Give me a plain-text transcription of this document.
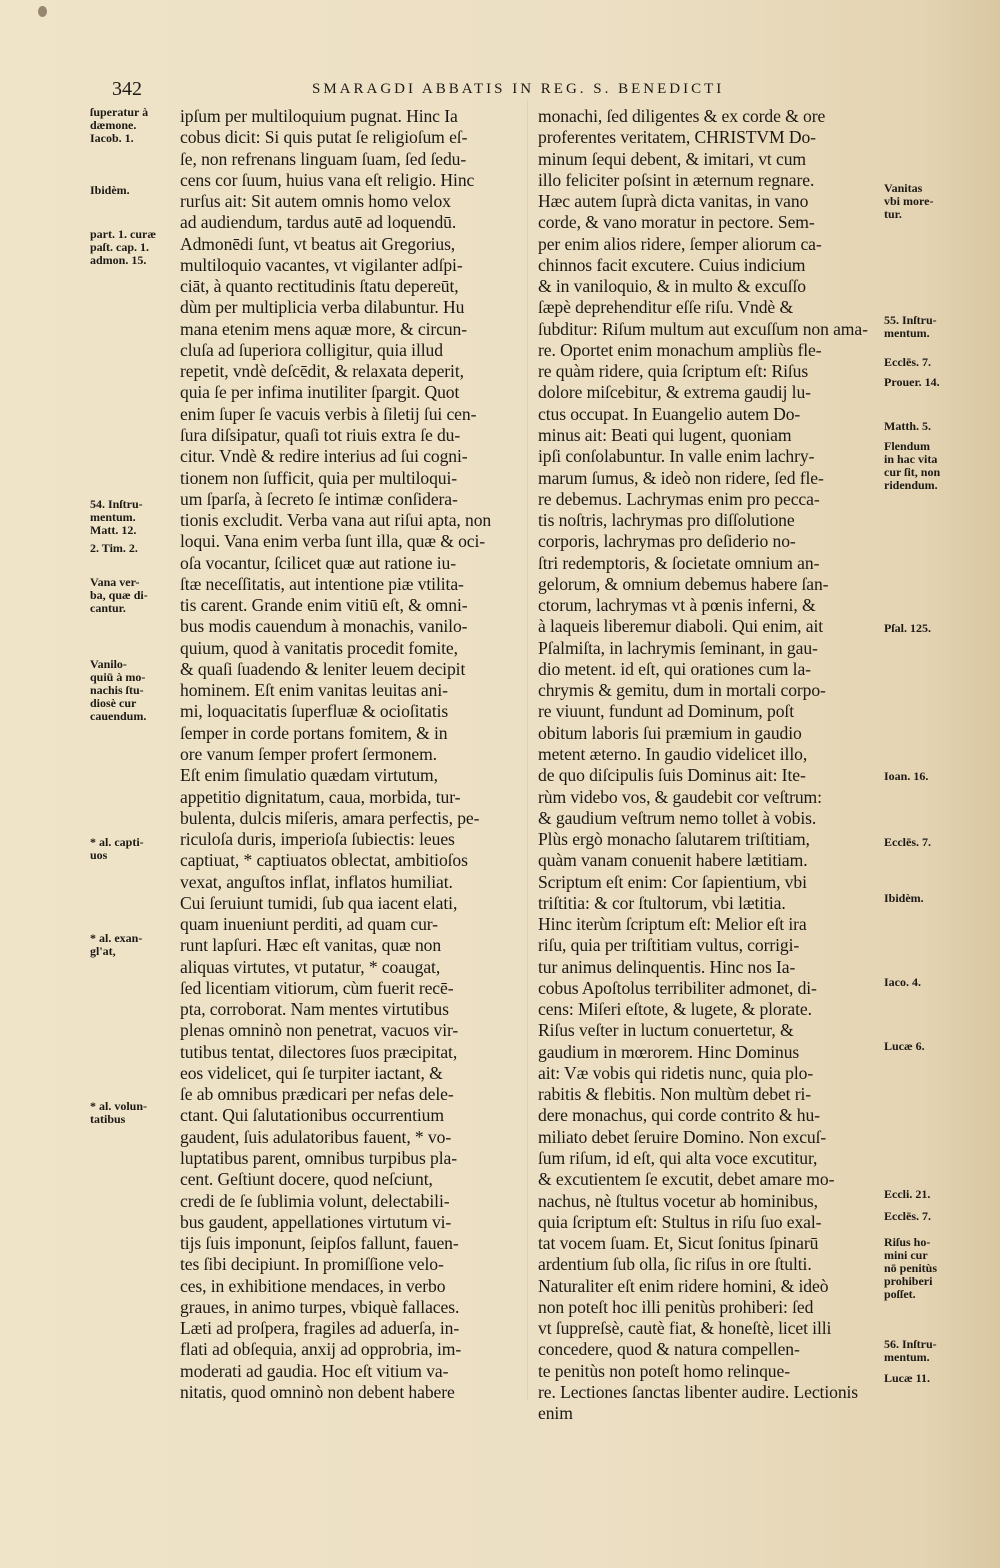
342	SMARAGDI ABBATIS IN REG. S. BENEDICTI
ſuperatur à
dæmone.
Iacob. 1.
Ibidèm.
part. 1. curæ
paſt. cap. 1.
admon. 15.
54. Inſtru-
mentum.
Matt. 12.
2. Tim. 2.
Vana ver-
ba, quæ di-
cantur.
Vanilo-
quiū à mo-
nachis ſtu-
diosè cur
cauendum.
* al. capti-
uos
* al. exan-
gl'at,
* al. volun-
tatibus
ipſum per multiloquium pugnat. Hinc Ia
cobus dicit: Si quis putat ſe religioſum eſ-
ſe, non refrenans linguam ſuam, ſed ſedu-
cens cor ſuum, huius vana eſt religio. Hinc
rurſus ait: Sit autem omnis homo velox
ad audiendum, tardus autē ad loquendū.
Admonēdi ſunt, vt beatus ait Gregorius,
multiloquio vacantes, vt vigilanter adſpi-
ciāt, à quanto rectitudinis ſtatu depereūt,
dùm per multiplicia verba dilabuntur. Hu
mana etenim mens aquæ more, & circun-
cluſa ad ſuperiora colligitur, quia illud
repetit, vndè deſcēdit, & relaxata deperit,
quia ſe per infima inutiliter ſpargit. Quot
enim ſuper ſe vacuis verbis à ſiletij ſui cen-
ſura diſsipatur, quaſi tot riuis extra ſe du-
citur. Vndè & redire interius ad ſui cogni-
tionem non ſufficit, quia per multiloqui-
um ſparſa, à ſecreto ſe intimæ conſidera-
tionis excludit. Verba vana aut riſui apta, non
loqui. Vana enim verba ſunt illa, quæ & oci-
oſa vocantur, ſcilicet quæ aut ratione iu-
ſtæ neceſſitatis, aut intentione piæ vtilita-
tis carent. Grande enim vitiū eſt, & omni-
bus modis cauendum à monachis, vanilo-
quium, quod à vanitatis procedit fomite,
& quaſi ſuadendo & leniter leuem decipit
hominem. Eſt enim vanitas leuitas ani-
mi, loquacitatis ſuperfluæ & ocioſitatis
ſemper in corde portans fomitem, & in
ore vanum ſemper profert ſermonem.
Eſt enim ſimulatio quædam virtutum,
appetitio dignitatum, caua, morbida, tur-
bulenta, dulcis miſeris, amara perfectis, pe-
riculoſa duris, imperioſa ſubiectis: leues
captiuat, * captiuatos oblectat, ambitioſos
vexat, anguſtos inflat, inflatos humiliat.
Cui ſeruiunt tumidi, ſub qua iacent elati,
quam inueniunt perditi, ad quam cur-
runt lapſuri. Hæc eſt vanitas, quæ non
aliquas virtutes, vt putatur, * coaugat,
ſed licentiam vitiorum, cùm fuerit recē-
pta, corroborat. Nam mentes virtutibus
plenas omninò non penetrat, vacuos vir-
tutibus tentat, dilectores ſuos præcipitat,
eos videlicet, qui ſe turpiter iactant, &
ſe ab omnibus prædicari per nefas dele-
ctant. Qui ſalutationibus occurrentium
gaudent, ſuis adulatoribus fauent, * vo-
luptatibus parent, omnibus turpibus pla-
cent. Geſtiunt docere, quod neſciunt,
credi de ſe ſublimia volunt, delectabili-
bus gaudent, appellationes virtutum vi-
tijs ſuis imponunt, ſeipſos fallunt, fauen-
tes ſibi decipiunt. In promiſſione velo-
ces, in exhibitione mendaces, in verbo
graues, in animo turpes, vbiquè fallaces.
Læti ad proſpera, fragiles ad aduerſa, in-
flati ad obſequia, anxij ad opprobria, im-
moderati ad gaudia. Hoc eſt vitium va-
nitatis, quod omninò non debent habere
monachi, ſed diligentes & ex corde & ore
proferentes veritatem, CHRISTVM Do-
minum ſequi debent, & imitari, vt cum
illo feliciter poſsint in æternum regnare.
Hæc autem ſuprà dicta vanitas, in vano
corde, & vano moratur in pectore. Sem-
per enim alios ridere, ſemper aliorum ca-
chinnos facit excutere. Cuius indicium
& in vaniloquio, & in multo & excuſſo
ſæpè deprehenditur eſſe riſu. Vndè &
ſubditur: Riſum multum aut excuſſum non ama-
re. Oportet enim monachum ampliùs fle-
re quàm ridere, quia ſcriptum eſt: Riſus
dolore miſcebitur, & extrema gaudij lu-
ctus occupat. In Euangelio autem Do-
minus ait: Beati qui lugent, quoniam
ipſi conſolabuntur. In valle enim lachry-
marum ſumus, & ideò non ridere, ſed fle-
re debemus. Lachrymas enim pro pecca-
tis noſtris, lachrymas pro diſſolutione
corporis, lachrymas pro deſiderio no-
ſtri redemptoris, & ſocietate omnium an-
gelorum, & omnium debemus habere ſan-
ctorum, lachrymas vt à pœnis inferni, &
à laqueis liberemur diaboli. Qui enim, ait
Pſalmiſta, in lachrymis ſeminant, in gau-
dio metent. id eſt, qui orationes cum la-
chrymis & gemitu, dum in mortali corpo-
re viuunt, fundunt ad Dominum, poſt
obitum laboris ſui præmium in gaudio
metent æterno. In gaudio videlicet illo,
de quo diſcipulis ſuis Dominus ait: Ite-
rùm videbo vos, & gaudebit cor veſtrum:
& gaudium veſtrum nemo tollet à vobis.
Plùs ergò monacho ſalutarem triſtitiam,
quàm vanam conuenit habere lætitiam.
Scriptum eſt enim: Cor ſapientium, vbi
triſtitia: & cor ſtultorum, vbi lætitia.
Hinc iterùm ſcriptum eſt: Melior eſt ira
riſu, quia per triſtitiam vultus, corrigi-
tur animus delinquentis. Hinc nos Ia-
cobus Apoſtolus terribiliter admonet, di-
cens: Miſeri eſtote, & lugete, & plorate.
Riſus veſter in luctum conuertetur, &
gaudium in mœrorem. Hinc Dominus
ait: Væ vobis qui ridetis nunc, quia plo-
rabitis & flebitis. Non multùm debet ri-
dere monachus, qui corde contrito & hu-
miliato debet ſeruire Domino. Non excuſ-
ſum riſum, id eſt, qui alta voce excutitur,
& excutientem ſe excutit, debet amare mo-
nachus, nè ſtultus vocetur ab hominibus,
quia ſcriptum eſt: Stultus in riſu ſuo exal-
tat vocem ſuam. Et, Sicut ſonitus ſpinarū
ardentium ſub olla, ſic riſus in ore ſtulti.
Naturaliter eſt enim ridere homini, & ideò
non poteſt hoc illi penitùs prohiberi: ſed
vt ſuppreſsè, cautè fiat, & honeſtè, licet illi
concedere, quod & natura compellen-
te penitùs non poteſt homo relinque-
re. Lectiones ſanctas libenter audire. Lectionis
enim
Vanitas
vbi more-
tur.
55. Inſtru-
mentum.
Ecclēs. 7.
Prouer. 14.
Matth. 5.
Flendum
in hac vita
cur ſit, non
ridendum.
Pſal. 125.
Ioan. 16.
Ecclēs. 7.
Ibidèm.
Iaco. 4.
Lucæ 6.
Eccli. 21.
Ecclēs. 7.
Riſus ho-
mini cur
nō penitùs
prohiberi
poſſet.
56. Inſtru-
mentum.
Lucæ 11.
